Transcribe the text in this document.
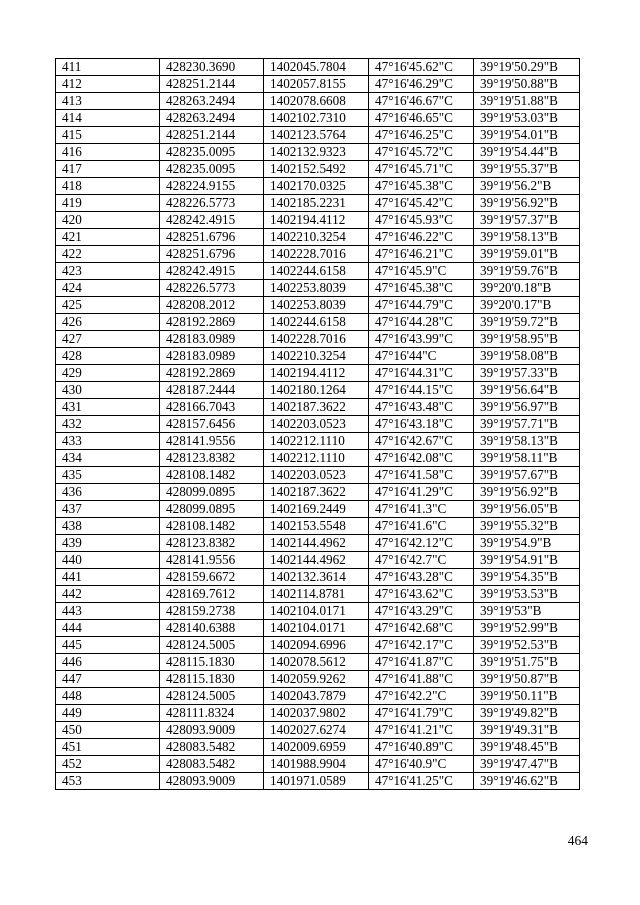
411	428230.3690	1402045.7804	47°16'45.62"С	39°19'50.29"В
412	428251.2144	1402057.8155	47°16'46.29"С	39°19'50.88"В
413	428263.2494	1402078.6608	47°16'46.67"С	39°19'51.88"В
414	428263.2494	1402102.7310	47°16'46.65"С	39°19'53.03"В
415	428251.2144	1402123.5764	47°16'46.25"С	39°19'54.01"В
416	428235.0095	1402132.9323	47°16'45.72"С	39°19'54.44"В
417	428235.0095	1402152.5492	47°16'45.71"С	39°19'55.37"В
418	428224.9155	1402170.0325	47°16'45.38"С	39°19'56.2"В
419	428226.5773	1402185.2231	47°16'45.42"С	39°19'56.92"В
420	428242.4915	1402194.4112	47°16'45.93"С	39°19'57.37"В
421	428251.6796	1402210.3254	47°16'46.22"С	39°19'58.13"В
422	428251.6796	1402228.7016	47°16'46.21"С	39°19'59.01"В
423	428242.4915	1402244.6158	47°16'45.9"С	39°19'59.76"В
424	428226.5773	1402253.8039	47°16'45.38"С	39°20'0.18"В
425	428208.2012	1402253.8039	47°16'44.79"С	39°20'0.17"В
426	428192.2869	1402244.6158	47°16'44.28"С	39°19'59.72"В
427	428183.0989	1402228.7016	47°16'43.99"С	39°19'58.95"В
428	428183.0989	1402210.3254	47°16'44"С	39°19'58.08"В
429	428192.2869	1402194.4112	47°16'44.31"С	39°19'57.33"В
430	428187.2444	1402180.1264	47°16'44.15"С	39°19'56.64"В
431	428166.7043	1402187.3622	47°16'43.48"С	39°19'56.97"В
432	428157.6456	1402203.0523	47°16'43.18"С	39°19'57.71"В
433	428141.9556	1402212.1110	47°16'42.67"С	39°19'58.13"В
434	428123.8382	1402212.1110	47°16'42.08"С	39°19'58.11"В
435	428108.1482	1402203.0523	47°16'41.58"С	39°19'57.67"В
436	428099.0895	1402187.3622	47°16'41.29"С	39°19'56.92"В
437	428099.0895	1402169.2449	47°16'41.3"С	39°19'56.05"В
438	428108.1482	1402153.5548	47°16'41.6"С	39°19'55.32"В
439	428123.8382	1402144.4962	47°16'42.12"С	39°19'54.9"В
440	428141.9556	1402144.4962	47°16'42.7"С	39°19'54.91"В
441	428159.6672	1402132.3614	47°16'43.28"С	39°19'54.35"В
442	428169.7612	1402114.8781	47°16'43.62"С	39°19'53.53"В
443	428159.2738	1402104.0171	47°16'43.29"С	39°19'53"В
444	428140.6388	1402104.0171	47°16'42.68"С	39°19'52.99"В
445	428124.5005	1402094.6996	47°16'42.17"С	39°19'52.53"В
446	428115.1830	1402078.5612	47°16'41.87"С	39°19'51.75"В
447	428115.1830	1402059.9262	47°16'41.88"С	39°19'50.87"В
448	428124.5005	1402043.7879	47°16'42.2"С	39°19'50.11"В
449	428111.8324	1402037.9802	47°16'41.79"С	39°19'49.82"В
450	428093.9009	1402027.6274	47°16'41.21"С	39°19'49.31"В
451	428083.5482	1402009.6959	47°16'40.89"С	39°19'48.45"В
452	428083.5482	1401988.9904	47°16'40.9"С	39°19'47.47"В
453	428093.9009	1401971.0589	47°16'41.25"С	39°19'46.62"В
464
